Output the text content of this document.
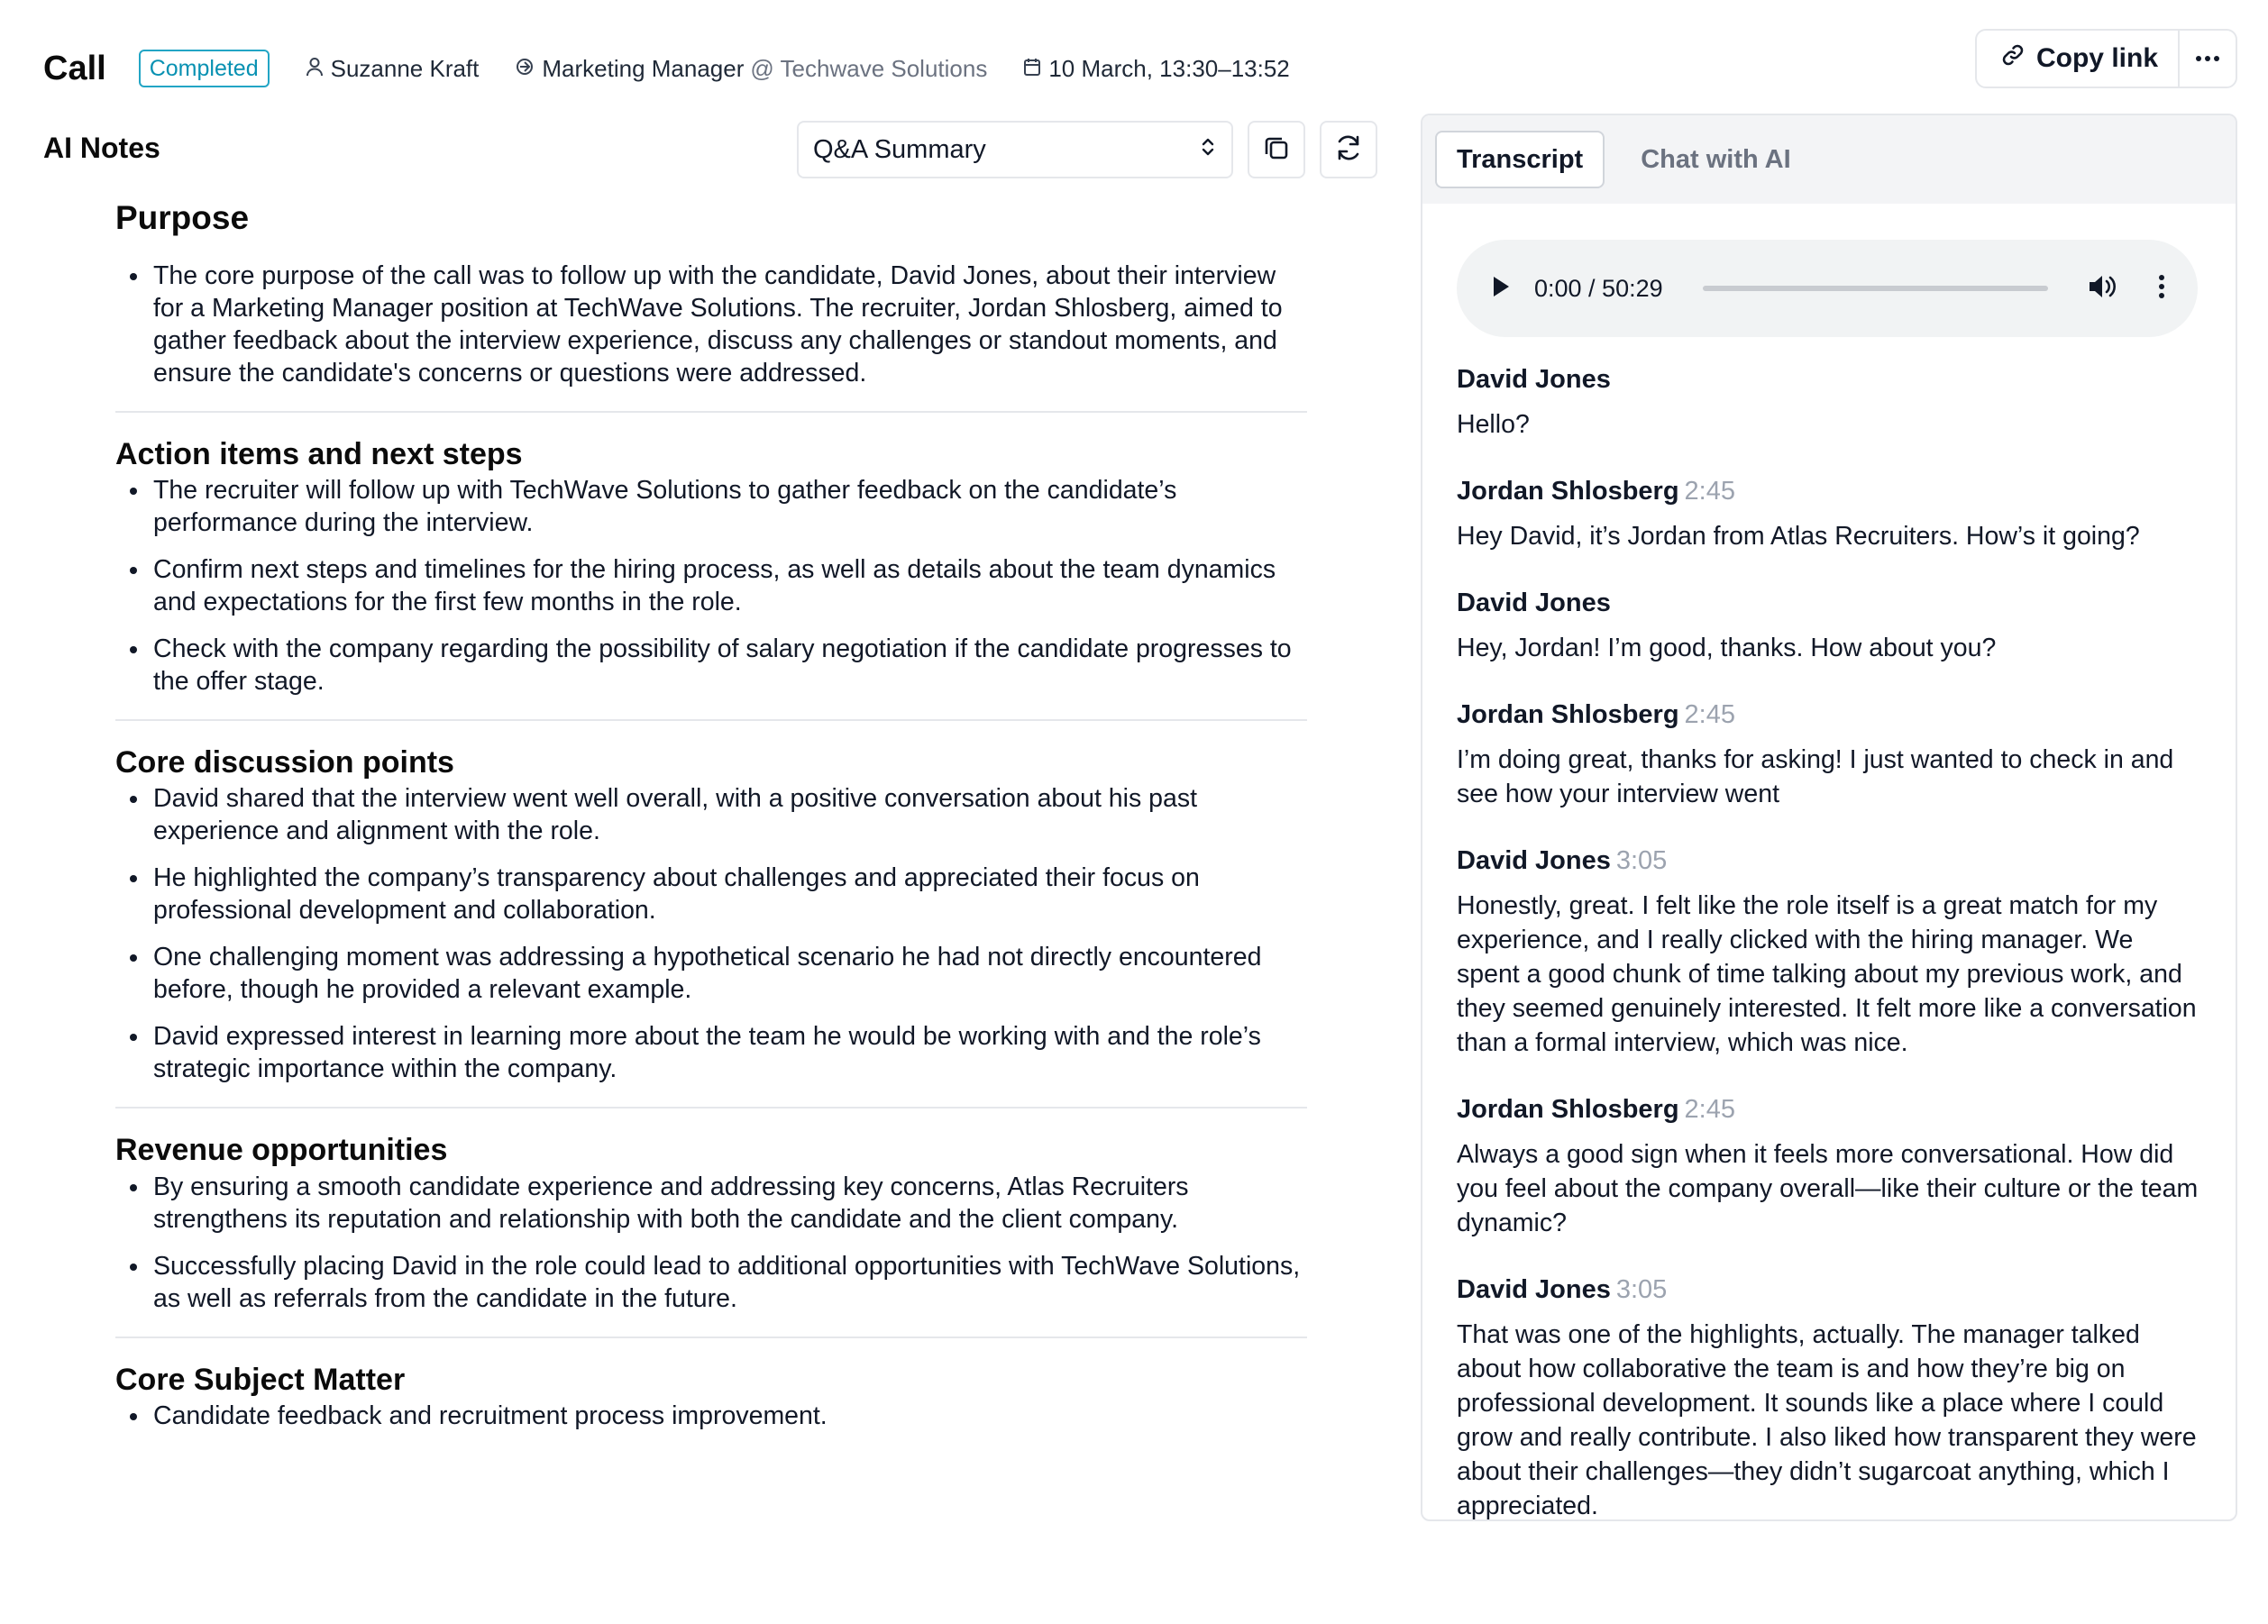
Call	Completed	Suzanne Kraft	Marketing Manager @ Techwave Solutions	10 March, 13:30–13:52	Copy link
AI Notes	Q&A Summary
Purpose
The core purpose of the call was to follow up with the candidate, David Jones, about their interview for a Marketing Manager position at TechWave Solutions. The recruiter, Jordan Shlosberg, aimed to gather feedback about the interview experience, discuss any challenges or standout moments, and ensure the candidate's concerns or questions were addressed.
Action items and next steps
The recruiter will follow up with TechWave Solutions to gather feedback on the candidate’s performance during the interview.
Confirm next steps and timelines for the hiring process, as well as details about the team dynamics and expectations for the first few months in the role.
Check with the company regarding the possibility of salary negotiation if the candidate progresses to the offer stage.
Core discussion points
David shared that the interview went well overall, with a positive conversation about his past experience and alignment with the role.
He highlighted the company’s transparency about challenges and appreciated their focus on professional development and collaboration.
One challenging moment was addressing a hypothetical scenario he had not directly encountered before, though he provided a relevant example.
David expressed interest in learning more about the team he would be working with and the role’s strategic importance within the company.
Revenue opportunities
By ensuring a smooth candidate experience and addressing key concerns, Atlas Recruiters strengthens its reputation and relationship with both the candidate and the client company.
Successfully placing David in the role could lead to additional opportunities with TechWave Solutions, as well as referrals from the candidate in the future.
Core Subject Matter
Candidate feedback and recruitment process improvement.
Transcript	Chat with AI
0:00 / 50:29
David Jones
Hello?
Jordan Shlosberg 2:45
Hey David, it’s Jordan from Atlas Recruiters. How’s it going?
David Jones
Hey, Jordan! I’m good, thanks. How about you?
Jordan Shlosberg 2:45
I’m doing great, thanks for asking! I just wanted to check in and see how your interview went
David Jones 3:05
Honestly, great. I felt like the role itself is a great match for my experience, and I really clicked with the hiring manager. We spent a good chunk of time talking about my previous work, and they seemed genuinely interested. It felt more like a conversation than a formal interview, which was nice.
Jordan Shlosberg 2:45
Always a good sign when it feels more conversational. How did you feel about the company overall—like their culture or the team dynamic?
David Jones 3:05
That was one of the highlights, actually. The manager talked about how collaborative the team is and how they’re big on professional development. It sounds like a place where I could grow and really contribute. I also liked how transparent they were about their challenges—they didn’t sugarcoat anything, which I appreciated.
